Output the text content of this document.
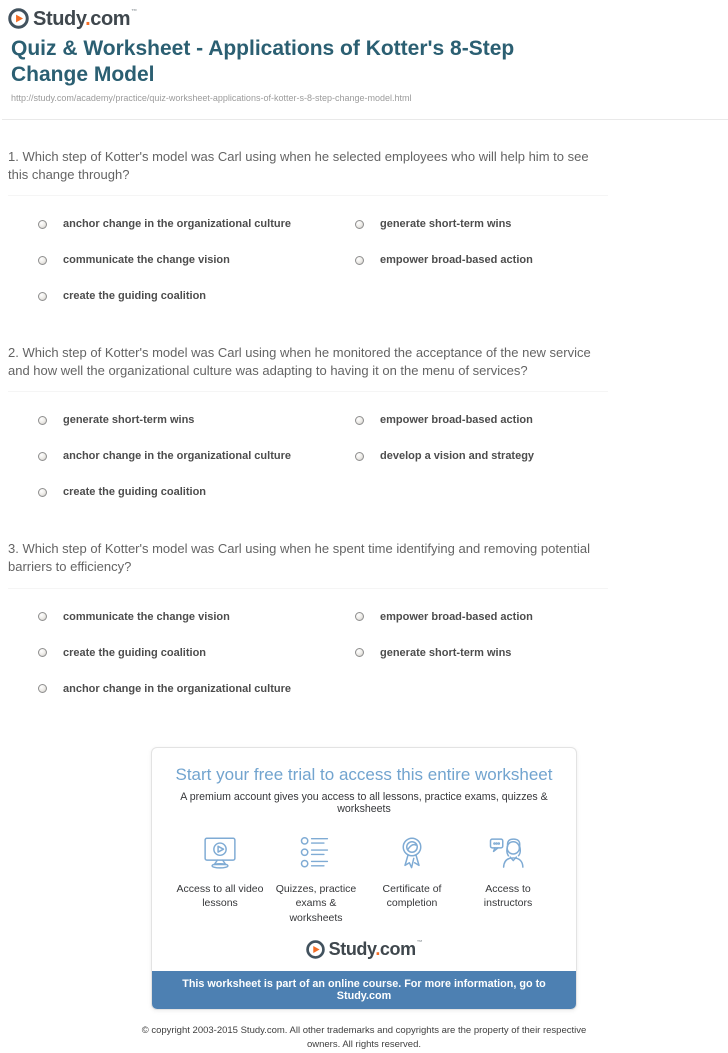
Study.com™
Quiz & Worksheet - Applications of Kotter's 8-Step Change Model
http://study.com/academy/practice/quiz-worksheet-applications-of-kotter-s-8-step-change-model.html
1. Which step of Kotter's model was Carl using when he selected employees who will help him to see this change through?
anchor change in the organizational culture
communicate the change vision
create the guiding coalition
generate short-term wins
empower broad-based action
2. Which step of Kotter's model was Carl using when he monitored the acceptance of the new service and how well the organizational culture was adapting to having it on the menu of services?
generate short-term wins
anchor change in the organizational culture
create the guiding coalition
empower broad-based action
develop a vision and strategy
3. Which step of Kotter's model was Carl using when he spent time identifying and removing potential barriers to efficiency?
communicate the change vision
create the guiding coalition
anchor change in the organizational culture
empower broad-based action
generate short-term wins
Start your free trial to access this entire worksheet
A premium account gives you access to all lessons, practice exams, quizzes & worksheets
Access to all video lessons
Quizzes, practice exams & worksheets
Certificate of completion
Access to instructors
Study.com™
This worksheet is part of an online course. For more information, go to Study.com
© copyright 2003-2015 Study.com. All other trademarks and copyrights are the property of their respective owners. All rights reserved.
